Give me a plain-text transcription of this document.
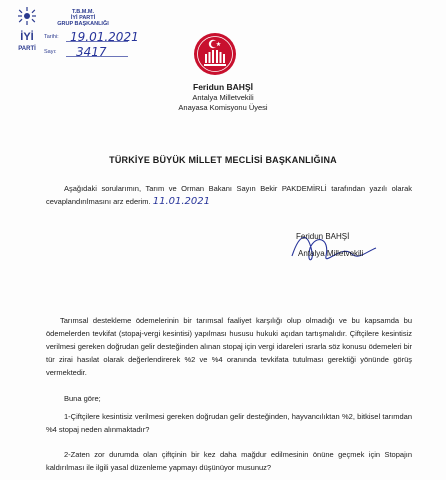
İYİ
PARTİ
T.B.M.M.
İYİ PARTİ
GRUP BAŞKANLIĞI
Tarihi:
Sayı:
19.01.2021
3417
Feridun BAHŞİ
Antalya Milletvekili
Anayasa Komisyonu Üyesi
TÜRKİYE BÜYÜK MİLLET MECLİSİ BAŞKANLIĞINA
Aşağıdaki sorularımın, Tarım ve Orman Bakanı Sayın Bekir PAKDEMİRLİ tarafından yazılı olarak cevaplandırılmasını arz ederim. 11.01.2021
Feridun BAHŞİ
Antalya Milletvekili
Tarımsal destekleme ödemelerinin bir tarımsal faaliyet karşılığı olup olmadığı ve bu kapsamda bu ödemelerden tevkifat (stopaj-vergi kesintisi) yapılması hususu hukuki açıdan tartışmalıdır. Çiftçilere kesintisiz verilmesi gereken doğrudan gelir desteğinden alınan stopaj için vergi idareleri ısrarla söz konusu ödemeleri bir tür zirai hasılat olarak değerlendirerek %2 ve %4 oranında tevkifata tutulması gerektiği yönünde görüş vermektedir.
Buna göre;
1-Çiftçilere kesintisiz verilmesi gereken doğrudan gelir desteğinden, hayvancılıktan %2, bitkisel tarımdan %4 stopaj neden alınmaktadır?
2-Zaten zor durumda olan çiftçinin bir kez daha mağdur edilmesinin önüne geçmek için Stopajın kaldırılması ile ilgili yasal düzenleme yapmayı düşünüyor musunuz?
